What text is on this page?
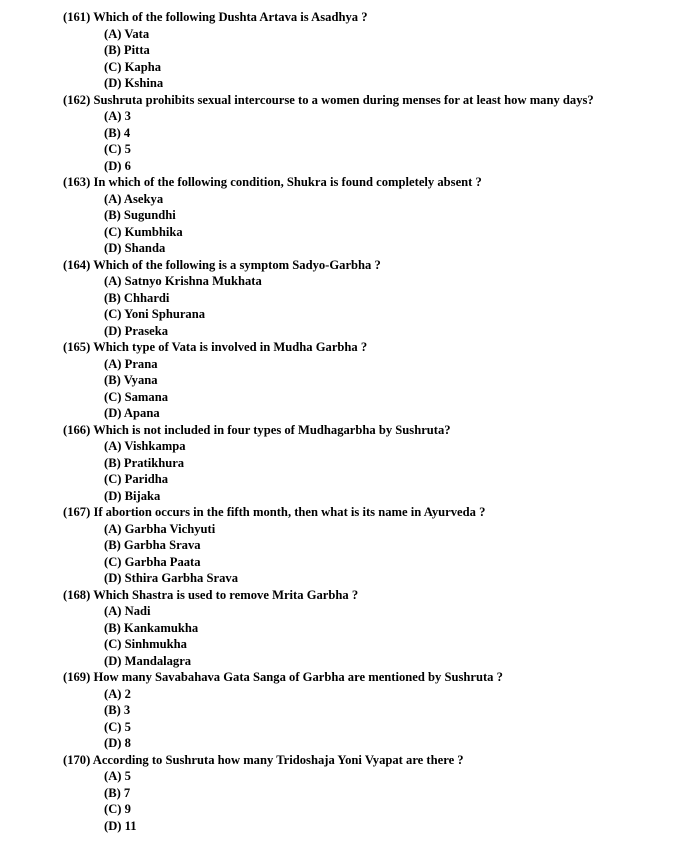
(161) Which of the following Dushta Artava is Asadhya ?
(A) Vata
(B) Pitta
(C) Kapha
(D) Kshina
(162) Sushruta prohibits sexual intercourse to a women during menses for at least how many days?
(A) 3
(B) 4
(C) 5
(D) 6
(163) In which of the following condition, Shukra is found completely absent ?
(A) Asekya
(B) Sugundhi
(C) Kumbhika
(D) Shanda
(164) Which of the following is a symptom Sadyo-Garbha ?
(A) Satnyo Krishna Mukhata
(B) Chhardi
(C) Yoni Sphurana
(D) Praseka
(165) Which type of Vata is involved in Mudha Garbha ?
(A) Prana
(B) Vyana
(C) Samana
(D) Apana
(166) Which is not included in four types of Mudhagarbha by Sushruta?
(A) Vishkampa
(B) Pratikhura
(C) Paridha
(D) Bijaka
(167) If abortion occurs in the fifth month, then what is its name in Ayurveda ?
(A) Garbha Vichyuti
(B) Garbha Srava
(C) Garbha Paata
(D) Sthira Garbha Srava
(168) Which Shastra is used to remove Mrita Garbha ?
(A) Nadi
(B) Kankamukha
(C) Sinhmukha
(D) Mandalagra
(169) How many Savabahava Gata Sanga of Garbha are mentioned by Sushruta ?
(A) 2
(B) 3
(C) 5
(D) 8
(170) According to Sushruta how many Tridoshaja Yoni Vyapat are there ?
(A) 5
(B) 7
(C) 9
(D) 11
